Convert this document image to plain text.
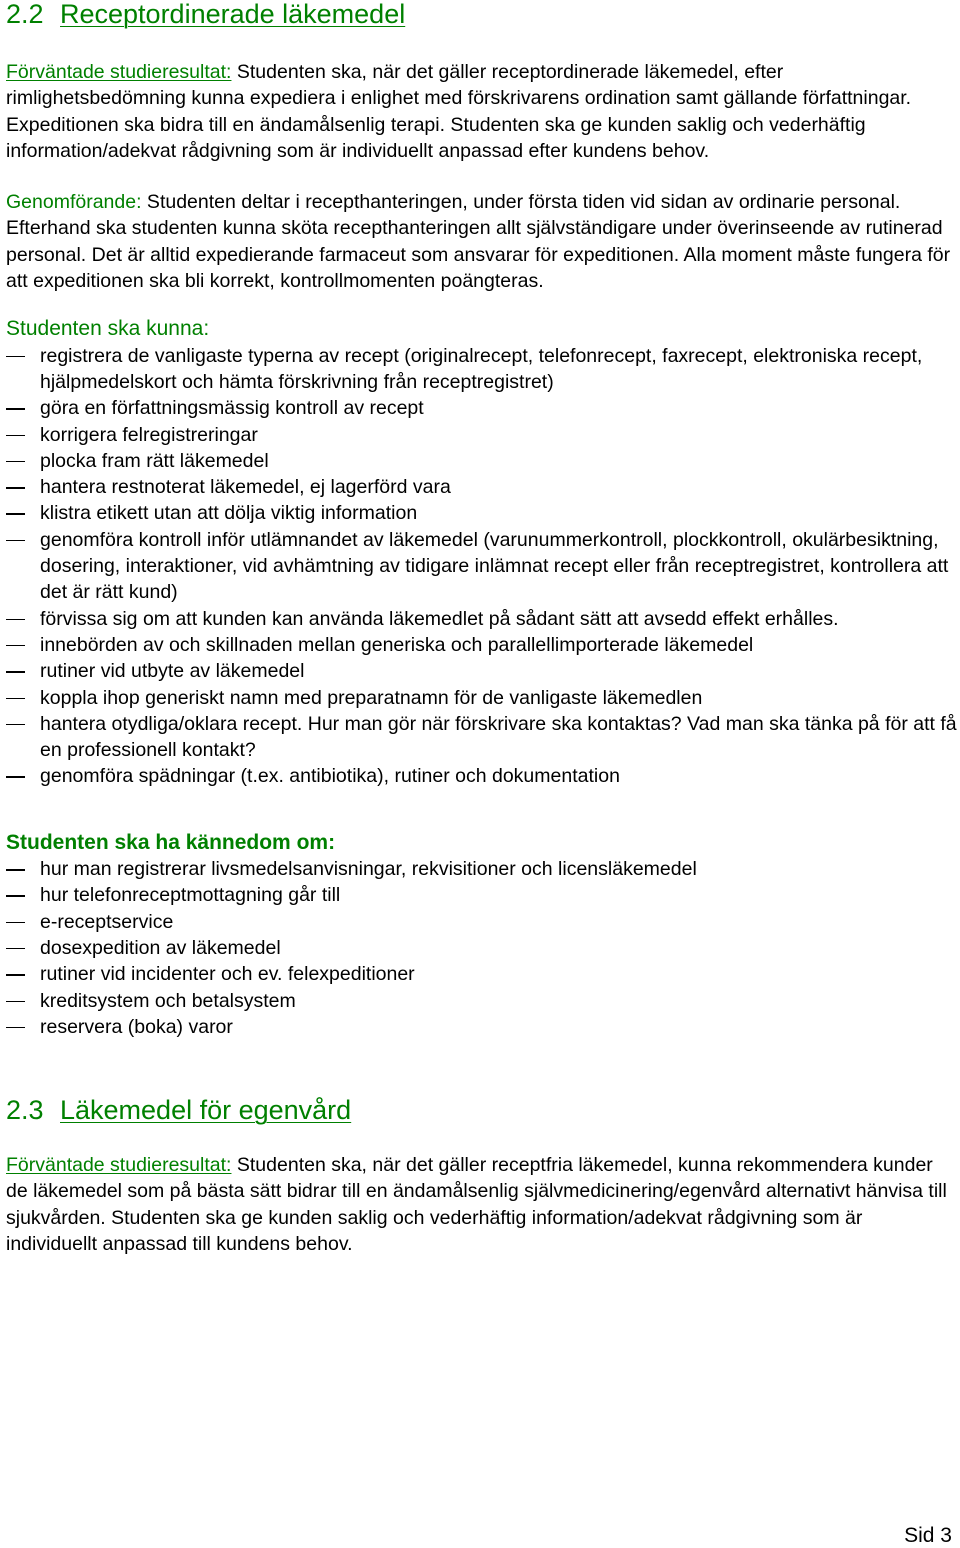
2.2 Receptordinerade läkemedel

Förväntade studieresultat: Studenten ska, när det gäller receptordinerade läkemedel, efter rimlighetsbedömning kunna expediera i enlighet med förskrivarens ordination samt gällande författningar. Expeditionen ska bidra till en ändamålsenlig terapi. Studenten ska ge kunden saklig och vederhäftig information/adekvat rådgivning som är individuellt anpassad efter kundens behov.

Genomförande: Studenten deltar i recepthanteringen, under första tiden vid sidan av ordinarie personal. Efterhand ska studenten kunna sköta recepthanteringen allt självständigare under överinseende av rutinerad personal. Det är alltid expedierande farmaceut som ansvarar för expeditionen. Alla moment måste fungera för att expeditionen ska bli korrekt, kontrollmomenten poängteras.

Studenten ska kunna:
registrera de vanligaste typerna av recept (originalrecept, telefonrecept, faxrecept, elektroniska recept, hjälpmedelskort och hämta förskrivning från receptregistret)
göra en författningsmässig kontroll av recept
korrigera felregistreringar
plocka fram rätt läkemedel
hantera restnoterat läkemedel, ej lagerförd vara
klistra etikett utan att dölja viktig information
genomföra kontroll inför utlämnandet av läkemedel (varunummerkontroll, plockkontroll, okulärbesiktning, dosering, interaktioner, vid avhämtning av tidigare inlämnat recept eller från receptregistret, kontrollera att det är rätt kund)
förvissa sig om att kunden kan använda läkemedlet på sådant sätt att avsedd effekt erhålles.
innebörden av och skillnaden mellan generiska och parallellimporterade läkemedel
rutiner vid utbyte av läkemedel
koppla ihop generiskt namn med preparatnamn för de vanligaste läkemedlen
hantera otydliga/oklara recept. Hur man gör när förskrivare ska kontaktas? Vad man ska tänka på för att få en professionell kontakt?
genomföra spädningar (t.ex. antibiotika), rutiner och dokumentation
Studenten ska ha kännedom om:
hur man registrerar livsmedelsanvisningar, rekvisitioner och licensläkemedel
hur telefonreceptmottagning går till
e-receptservice
dosexpedition av läkemedel
rutiner vid incidenter och ev. felexpeditioner
kreditsystem och betalsystem
reservera (boka) varor
2.3 Läkemedel för egenvård

Förväntade studieresultat: Studenten ska, när det gäller receptfria läkemedel, kunna rekommendera kunder de läkemedel som på bästa sätt bidrar till en ändamålsenlig självmedicinering/egenvård alternativt hänvisa till sjukvården. Studenten ska ge kunden saklig och vederhäftig information/adekvat rådgivning som är individuellt anpassad till kundens behov.

Sid 3
